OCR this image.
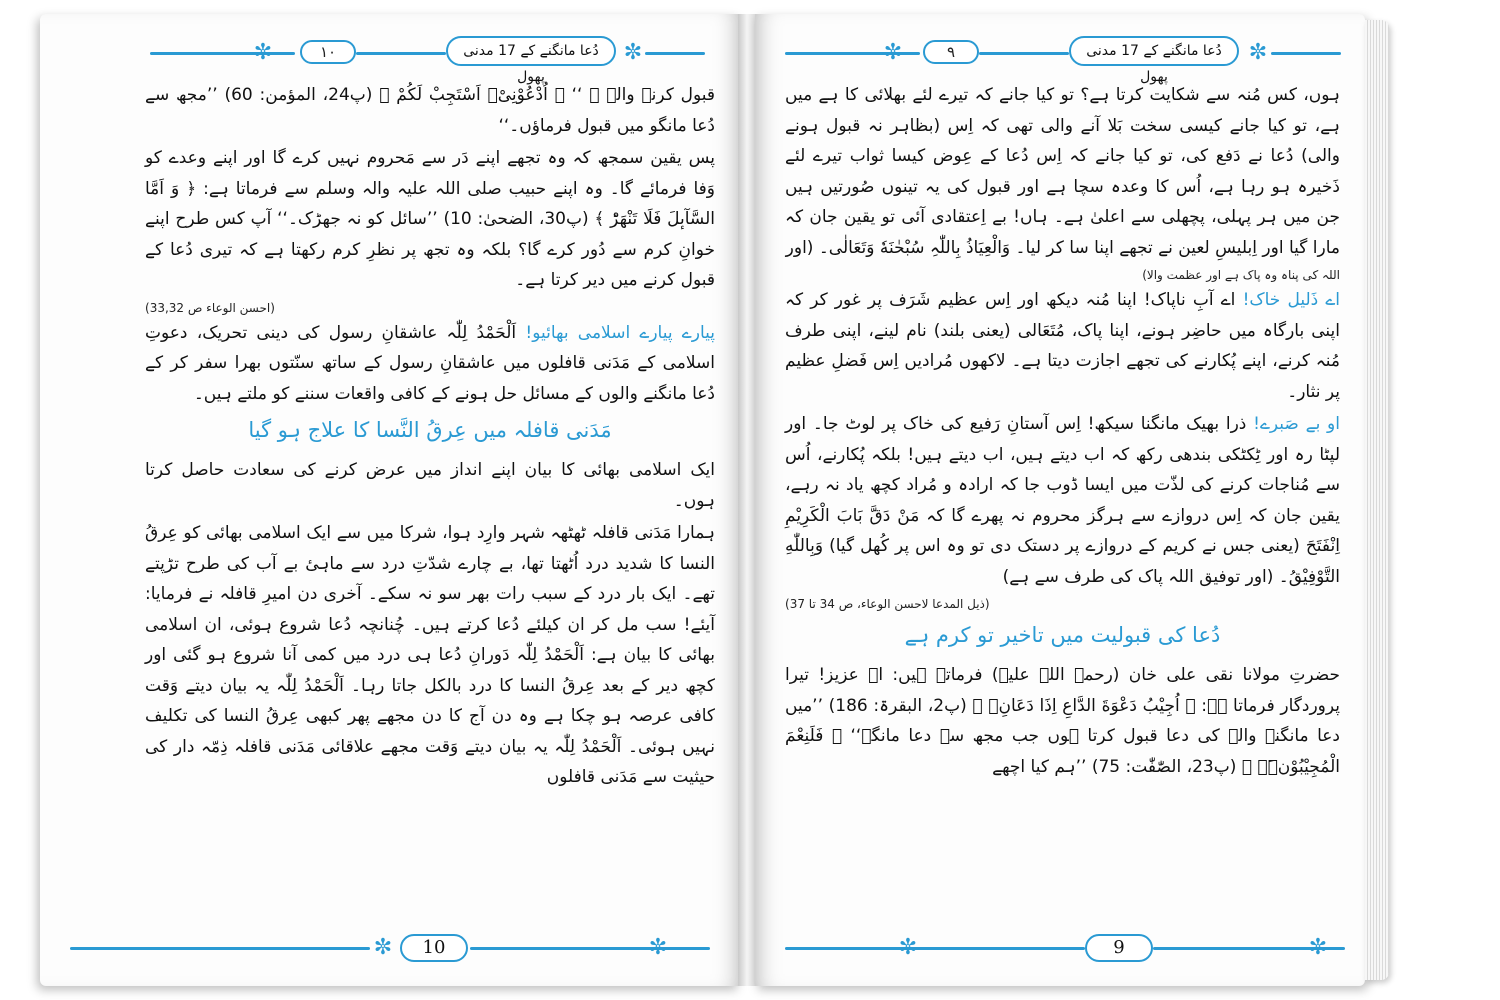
✼	١٠	دُعا مانگنے کے 17 مدنی پھول
✼

قبول کرنے والے ۔ ‘‘ ﴿ اُدْعُوْنِیْۤ اَسْتَجِبْ لَكُمْ ﴾ (پ24، المؤمن: 60) ’’مجھ سے دُعا مانگو میں قبول فرماؤں۔‘‘

پس یقین سمجھ کہ وہ تجھے اپنے دَر سے مَحروم نہیں کرے گا اور اپنے وعدے کو وَفا فرمائے گا۔ وہ اپنے حبیب صلی اللہ علیہ والہ وسلم سے فرماتا ہے: ﴿ وَ اَمَّا السَّآىٕلَ فَلَا تَنْهَرْؕ ﴾ (پ30، الضحیٰ: 10) ’’سائل کو نہ جھڑک۔‘‘ آپ کس طرح اپنے خوانِ کرم سے دُور کرے گا؟ بلکہ وہ تجھ پر نظرِ کرم رکھتا ہے کہ تیری دُعا کے قبول کرنے میں دیر کرتا ہے۔

(احسن الوعاء ص 33,32)

پیارے پیارے اسلامی بھائیو! اَلْحَمْدُ لِلّٰہ عاشقانِ رسول کی دینی تحریک، دعوتِ اسلامی کے مَدَنی قافلوں میں عاشقانِ رسول کے ساتھ سنّتوں بھرا سفر کر کے دُعا مانگنے والوں کے مسائل حل ہونے کے کافی واقعات سننے کو ملتے ہیں۔

مَدَنی قافلہ میں عِرقُ النَّسا کا علاج ہو گیا

ایک اسلامی بھائی کا بیان اپنے انداز میں عرض کرنے کی سعادت حاصل کرتا ہوں۔

ہمارا مَدَنی قافلہ ٹھٹھہ شہر وارِد ہوا، شرکا میں سے ایک اسلامی بھائی کو عِرقُ النسا کا شدید درد اُٹھتا تھا، بے چارے شدّتِ درد سے ماہیٔ بے آب کی طرح تڑپتے تھے۔ ایک بار درد کے سبب رات بھر سو نہ سکے۔ آخری دن امیرِ قافلہ نے فرمایا: آیئے! سب مل کر ان کیلئے دُعا کرتے ہیں۔ چُنانچہ دُعا شروع ہوئی، ان اسلامی بھائی کا بیان ہے: اَلْحَمْدُ لِلّٰہ دَورانِ دُعا ہی درد میں کمی آنا شروع ہو گئی اور کچھ دیر کے بعد عِرقُ النسا کا درد بالکل جاتا رہا۔ اَلْحَمْدُ لِلّٰہ یہ بیان دیتے وَقت کافی عرصہ ہو چکا ہے وہ دن آج کا دن مجھے پھر کبھی عِرقُ النسا کی تکلیف نہیں ہوئی۔ اَلْحَمْدُ لِلّٰہ یہ بیان دیتے وَقت مجھے علاقائی مَدَنی قافلہ ذِمّہ دار کی حیثیت سے مَدَنی قافلوں

10
✼	✼
✼	٩	دُعا مانگنے کے 17 مدنی پھول
✼

ہوں، کس مُنہ سے شکایت کرتا ہے؟ تو کیا جانے کہ تیرے لئے بھلائی کا ہے میں ہے، تو کیا جانے کیسی سخت بَلا آنے والی تھی کہ اِس (بظاہر نہ قبول ہونے والی) دُعا نے دَفع کی، تو کیا جانے کہ اِس دُعا کے عِوض کیسا ثواب تیرے لئے ذَخیرہ ہو رہا ہے، اُس کا وعدہ سچا ہے اور قبول کی یہ تینوں صُورتیں ہیں جن میں ہر پہلی، پچھلی سے اعلیٰ ہے۔ ہاں! بے اِعتقادی آئی تو یقین جان کہ مارا گیا اور اِبلیسِ لعین نے تجھے اپنا سا کر لیا۔ وَالْعِیَاذُ بِاللّٰہِ سُبْحٰنَهٗ وَتَعَالٰی۔ (اور

اللہ کی پناہ وہ پاک ہے اور عظمت والا)

اے ذَلیل خاک! اے آبِ ناپاک! اپنا مُنہ دیکھ اور اِس عظیم شَرَف پر غور کر کہ اپنی بارگاہ میں حاضِر ہونے، اپنا پاک، مُتَعَالی (یعنی بلند) نام لینے، اپنی طرف مُنہ کرنے، اپنے پُکارنے کی تجھے اجازت دیتا ہے۔ لاکھوں مُرادیں اِس فَضلِ عظیم پر نثار۔

او بے صَبرے! ذرا بھیک مانگنا سیکھ! اِس آستانِ رَفیع کی خاک پر لوٹ جا۔ اور لپٹا رہ اور ٹِکٹکی بندھی رکھ کہ اب دیتے ہیں، اب دیتے ہیں! بلکہ پُکارنے، اُس سے مُناجات کرنے کی لذّت میں ایسا ڈوب جا کہ ارادہ و مُراد کچھ یاد نہ رہے، یقین جان کہ اِس دروازے سے ہرگز محروم نہ پھرے گا کہ مَنْ دَقَّ بَابَ الْكَرِیْمِ اِنْفَتَحَ (یعنی جس نے کریم کے دروازے پر دستک دی تو وہ اس پر کُھل گیا) وَبِاللّٰهِ التَّوْفِیْقُ۔ (اور توفیق اللہ پاک کی طرف سے ہے)

(ذیل المدعا لاحسن الوعاء، ص 34 تا 37)

دُعا کی قبولیت میں تاخیر تو کرم ہے

حضرتِ مولانا نقی علی خان (رحمۃ اللہ علیہ) فرماتے ہیں: اے عزیز! تیرا پروردگار فرماتا ہے: ﴿ اُجِیْبُ دَعْوَةَ الدَّاعِ اِذَا دَعَانِۙ ﴾ (پ2، البقرۃ: 186) ’’میں دعا مانگنے والے کی دعا قبول کرتا ہوں جب مجھ سے دعا مانگے‘‘ ﴿ فَلَنِعْمَ الْمُجِیْبُوْنَ٘ۖ ﴾ (پ23، الصّٰفّٰت: 75) ’’ہم کیا اچھے

✼	9	✼
